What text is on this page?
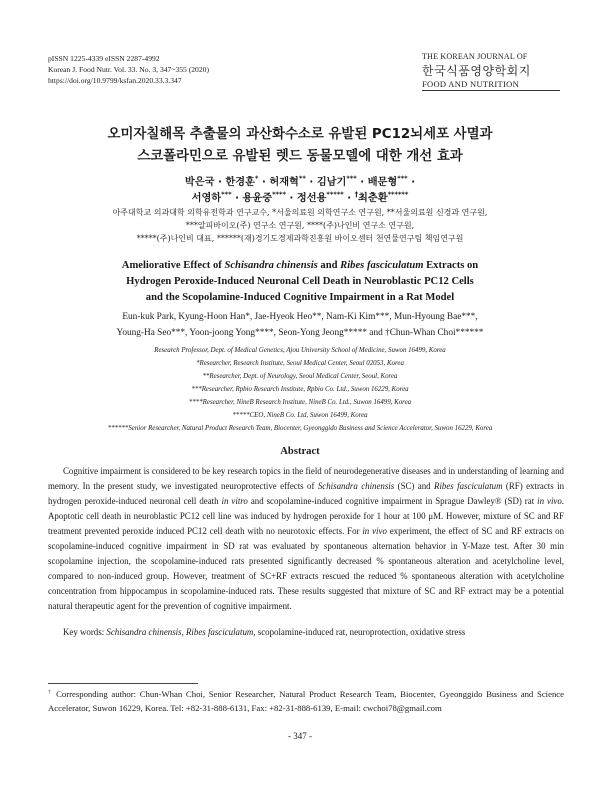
pISSN 1225-4339 eISSN 2287-4992
Korean J. Food Nutr. Vol. 33. No. 3, 347~355 (2020)
https://doi.org/10.9799/ksfan.2020.33.3.347
THE KOREAN JOURNAL OF
한국식품영양학회지
FOOD AND NUTRITION
오미자칠해목 추출물의 과산화수소로 유발된 PC12뇌세포 사멸과
스코폴라민으로 유발된 렛드 동물모델에 대한 개선 효과
박은국 · 한경훈* · 허재혁** · 김남기*** · 배문형*** ·
서영하*** · 용윤중**** · 정선용***** · †최춘환******
아주대학교 의과대학 의학유전학과 연구교수, *서울의료원 의학연구소 연구원, **서울의료원 신경과 연구원,
***알피바이오(주) 연구소 연구원, ****(주)나인비 연구소 연구원,
*****(주)나인비 대표, ******(재)경기도경제과학진흥원 바이오센터 천연물연구팀 책임연구원
Ameliorative Effect of Schisandra chinensis and Ribes fasciculatum Extracts on
Hydrogen Peroxide-Induced Neuronal Cell Death in Neuroblastic PC12 Cells
and the Scopolamine-Induced Cognitive Impairment in a Rat Model
Eun-kuk Park, Kyung-Hoon Han*, Jae-Hyeok Heo**, Nam-Ki Kim***, Mun-Hyoung Bae***,
Young-Ha Seo***, Yoon-joong Yong****, Seon-Yong Jeong***** and †Chun-Whan Choi******
Research Professor, Dept. of Medical Genetics, Ajou University School of Medicine, Suwon 16499, Korea
*Researcher, Research Institute, Seoul Medical Center, Seoul 02053, Korea
**Researcher, Dept. of Neurology, Seoul Medical Center, Seoul, Korea
***Researcher, Rpbio Research Institute, Rpbio Co. Ltd., Suwon 16229, Korea
****Researcher, NineB Research Institute, NineB Co. Ltd., Suwon 16499, Korea
*****CEO, NineB Co. Ltd, Suwon 16499, Korea
******Senior Researcher, Natural Product Research Team, Biocenter, Gyeonggido Business and Science Accelerator, Suwon 16229, Korea
Abstract
Cognitive impairment is considered to be key research topics in the field of neurodegenerative diseases and in understanding of learning and memory. In the present study, we investigated neuroprotective effects of Schisandra chinensis (SC) and Ribes fasciculatum (RF) extracts in hydrogen peroxide-induced neuronal cell death in vitro and scopolamine-induced cognitive impairment in Sprague Dawley® (SD) rat in vivo. Apoptotic cell death in neuroblastic PC12 cell line was induced by hydrogen peroxide for 1 hour at 100 μM. However, mixture of SC and RF treatment prevented peroxide induced PC12 cell death with no neurotoxic effects. For in vivo experiment, the effect of SC and RF extracts on scopolamine-induced cognitive impairment in SD rat was evaluated by spontaneous alternation behavior in Y-Maze test. After 30 min scopolamine injection, the scopolamine-induced rats presented significantly decreased % spontaneous alteration and acetylcholine level, compared to non-induced group. However, treatment of SC+RF extracts rescued the reduced % spontaneous alteration with acetylcholine concentration from hippocampus in scopolamine-induced rats. These results suggested that mixture of SC and RF extract may be a potential natural therapeutic agent for the prevention of cognitive impairment.
Key words: Schisandra chinensis, Ribes fasciculatum, scopolamine-induced rat, neuroprotection, oxidative stress
† Corresponding author: Chun-Whan Choi, Senior Researcher, Natural Product Research Team, Biocenter, Gyeonggido Business and Science Accelerator, Suwon 16229, Korea. Tel: +82-31-888-6131, Fax: +82-31-888-6139, E-mail: cwchoi78@gmail.com
- 347 -
